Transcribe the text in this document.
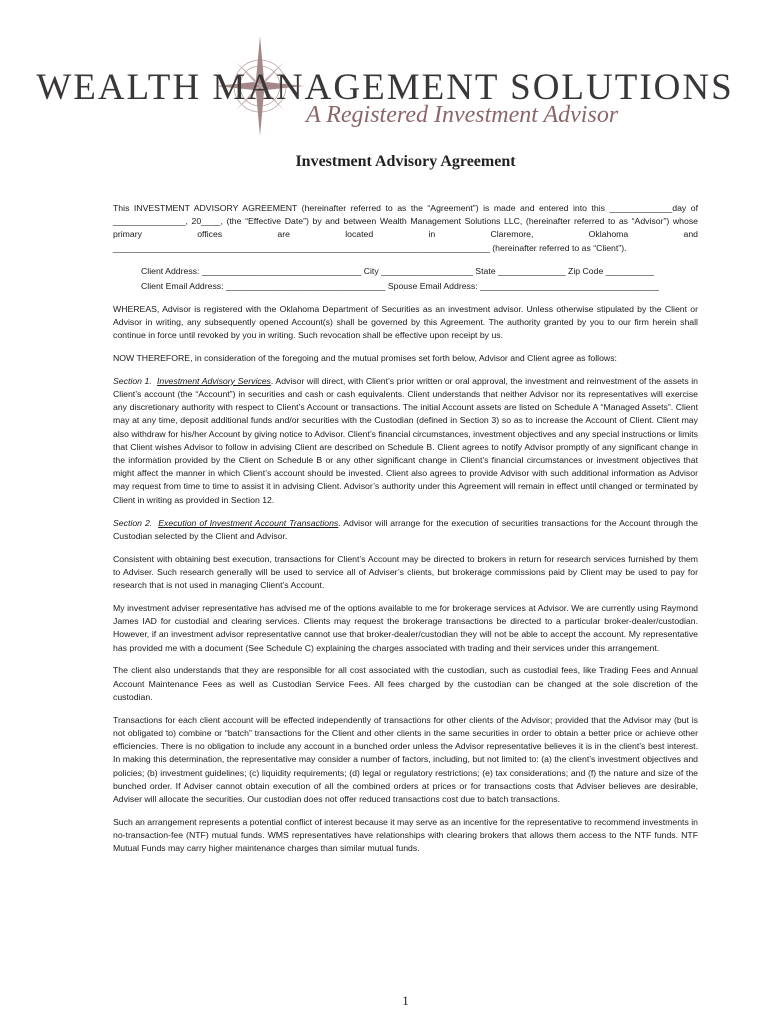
WEALTH MANAGEMENT SOLUTIONS
A Registered Investment Advisor
Investment Advisory Agreement

This INVESTMENT ADVISORY AGREEMENT (hereinafter referred to as the “Agreement”) is made and entered into this _____________day of _______________, 20____, (the “Effective Date”) by and between Wealth Management Solutions LLC, (hereinafter referred to as “Advisor”) whose primary offices are located in Claremore, Oklahoma and ______________________________________________________________________________ (hereinafter referred to as “Client”).

Client Address: _________________________________ City ___________________ State ______________ Zip Code __________

Client Email Address: _________________________________ Spouse Email Address: _____________________________________

WHEREAS, Advisor is registered with the Oklahoma Department of Securities as an investment advisor. Unless otherwise stipulated by the Client or Advisor in writing, any subsequently opened Account(s) shall be governed by this Agreement. The authority granted by you to our firm herein shall continue in force until revoked by you in writing. Such revocation shall be effective upon receipt by us.

NOW THEREFORE, in consideration of the foregoing and the mutual promises set forth below, Advisor and Client agree as follows:

Section 1. Investment Advisory Services. Advisor will direct, with Client’s prior written or oral approval, the investment and reinvestment of the assets in Client’s account (the “Account”) in securities and cash or cash equivalents. Client understands that neither Advisor nor its representatives will exercise any discretionary authority with respect to Client’s Account or transactions. The initial Account assets are listed on Schedule A “Managed Assets”. Client may at any time, deposit additional funds and/or securities with the Custodian (defined in Section 3) so as to increase the Account of Client. Client may also withdraw for his/her Account by giving notice to Advisor. Client’s financial circumstances, investment objectives and any special instructions or limits that Client wishes Advisor to follow in advising Client are described on Schedule B. Client agrees to notify Advisor promptly of any significant change in the information provided by the Client on Schedule B or any other significant change in Client’s financial circumstances or investment objectives that might affect the manner in which Client’s account should be invested. Client also agrees to provide Advisor with such additional information as Advisor may request from time to time to assist it in advising Client. Advisor’s authority under this Agreement will remain in effect until changed or terminated by Client in writing as provided in Section 12.

Section 2. Execution of Investment Account Transactions. Advisor will arrange for the execution of securities transactions for the Account through the Custodian selected by the Client and Advisor.

Consistent with obtaining best execution, transactions for Client’s Account may be directed to brokers in return for research services furnished by them to Adviser. Such research generally will be used to service all of Adviser’s clients, but brokerage commissions paid by Client may be used to pay for research that is not used in managing Client’s Account.

My investment adviser representative has advised me of the options available to me for brokerage services at Advisor. We are currently using Raymond James IAD for custodial and clearing services. Clients may request the brokerage transactions be directed to a particular broker-dealer/custodian. However, if an investment advisor representative cannot use that broker-dealer/custodian they will not be able to accept the account. My representative has provided me with a document (See Schedule C) explaining the charges associated with trading and their services under this arrangement.

The client also understands that they are responsible for all cost associated with the custodian, such as custodial fees, like Trading Fees and Annual Account Maintenance Fees as well as Custodian Service Fees. All fees charged by the custodian can be changed at the sole discretion of the custodian.

Transactions for each client account will be effected independently of transactions for other clients of the Advisor; provided that the Advisor may (but is not obligated to) combine or “batch” transactions for the Client and other clients in the same securities in order to obtain a better price or achieve other efficiencies. There is no obligation to include any account in a bunched order unless the Advisor representative believes it is in the client’s best interest. In making this determination, the representative may consider a number of factors, including, but not limited to: (a) the client’s investment objectives and policies; (b) investment guidelines; (c) liquidity requirements; (d) legal or regulatory restrictions; (e) tax considerations; and (f) the nature and size of the bunched order. If Adviser cannot obtain execution of all the combined orders at prices or for transactions costs that Adviser believes are desirable, Adviser will allocate the securities. Our custodian does not offer reduced transactions cost due to batch transactions.

Such an arrangement represents a potential conflict of interest because it may serve as an incentive for the representative to recommend investments in no-transaction-fee (NTF) mutual funds. WMS representatives have relationships with clearing brokers that allows them access to the NTF funds. NTF Mutual Funds may carry higher maintenance charges than similar mutual funds.

1
